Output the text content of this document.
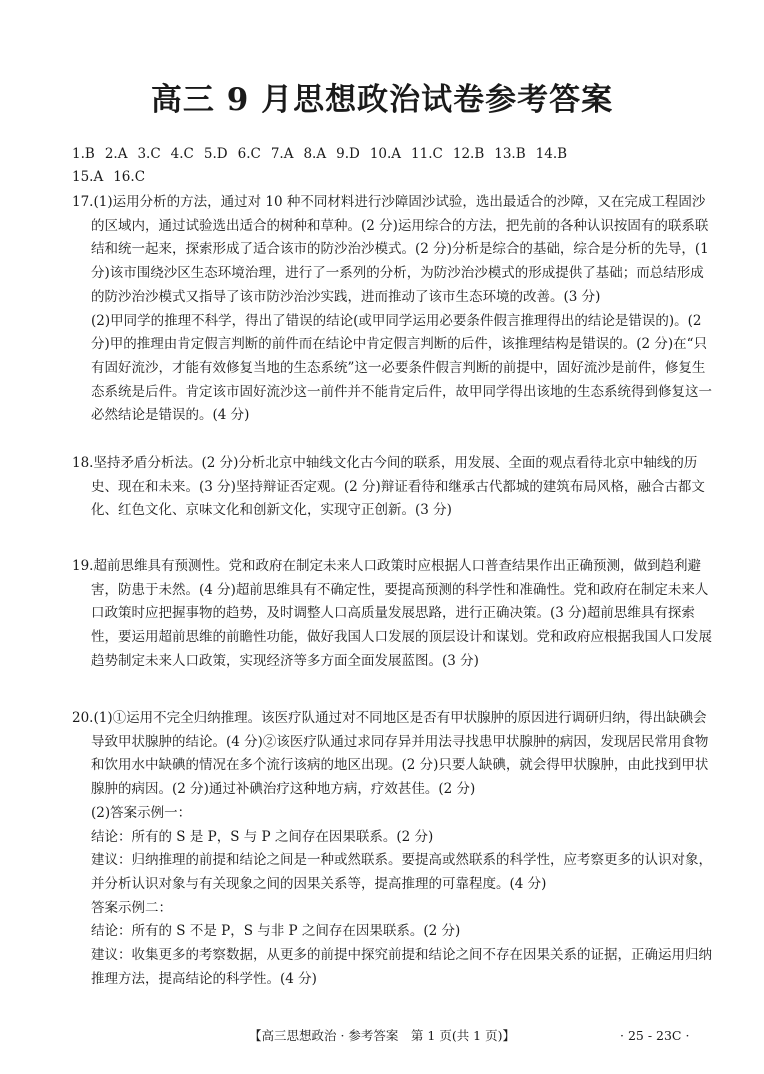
高三 9 月思想政治试卷参考答案
1.B 2.A 3.C 4.C 5.D 6.C 7.A 8.A 9.D 10.A 11.C 12.B 13.B 14.B
15.A 16.C

17.(1)运用分析的方法，通过对 10 种不同材料进行沙障固沙试验，选出最适合的沙障，又在完成工程固沙的区域内，通过试验选出适合的树种和草种。(2 分)运用综合的方法，把先前的各种认识按固有的联系联结和统一起来，探索形成了适合该市的防沙治沙模式。(2 分)分析是综合的基础，综合是分析的先导，(1 分)该市围绕沙区生态环境治理，进行了一系列的分析，为防沙治沙模式的形成提供了基础；而总结形成的防沙治沙模式又指导了该市防沙治沙实践，进而推动了该市生态环境的改善。(3 分)

(2)甲同学的推理不科学，得出了错误的结论(或甲同学运用必要条件假言推理得出的结论是错误的)。(2 分)甲的推理由肯定假言判断的前件而在结论中肯定假言判断的后件，该推理结构是错误的。(2 分)在“只有固好流沙，才能有效修复当地的生态系统”这一必要条件假言判断的前提中，固好流沙是前件，修复生态系统是后件。肯定该市固好流沙这一前件并不能肯定后件，故甲同学得出该地的生态系统得到修复这一必然结论是错误的。(4 分)

18.坚持矛盾分析法。(2 分)分析北京中轴线文化古今间的联系，用发展、全面的观点看待北京中轴线的历史、现在和未来。(3 分)坚持辩证否定观。(2 分)辩证看待和继承古代都城的建筑布局风格，融合古都文化、红色文化、京味文化和创新文化，实现守正创新。(3 分)

19.超前思维具有预测性。党和政府在制定未来人口政策时应根据人口普查结果作出正确预测，做到趋利避害，防患于未然。(4 分)超前思维具有不确定性，要提高预测的科学性和准确性。党和政府在制定未来人口政策时应把握事物的趋势，及时调整人口高质量发展思路，进行正确决策。(3 分)超前思维具有探索性，要运用超前思维的前瞻性功能，做好我国人口发展的顶层设计和谋划。党和政府应根据我国人口发展趋势制定未来人口政策，实现经济等多方面全面发展蓝图。(3 分)

20.(1)①运用不完全归纳推理。该医疗队通过对不同地区是否有甲状腺肿的原因进行调研归纳，得出缺碘会导致甲状腺肿的结论。(4 分)②该医疗队通过求同存异并用法寻找患甲状腺肿的病因，发现居民常用食物和饮用水中缺碘的情况在多个流行该病的地区出现。(2 分)只要人缺碘，就会得甲状腺肿，由此找到甲状腺肿的病因。(2 分)通过补碘治疗这种地方病，疗效甚佳。(2 分)

(2)答案示例一：

结论：所有的 S 是 P，S 与 P 之间存在因果联系。(2 分)

建议：归纳推理的前提和结论之间是一种或然联系。要提高或然联系的科学性，应考察更多的认识对象，并分析认识对象与有关现象之间的因果关系等，提高推理的可靠程度。(4 分)

答案示例二：

结论：所有的 S 不是 P，S 与非 P 之间存在因果联系。(2 分)

建议：收集更多的考察数据，从更多的前提中探究前提和结论之间不存在因果关系的证据，正确运用归纳推理方法，提高结论的科学性。(4 分)

【高三思想政治 · 参考答案　第 1 页(共 1 页)】	· 25 - 23C ·
